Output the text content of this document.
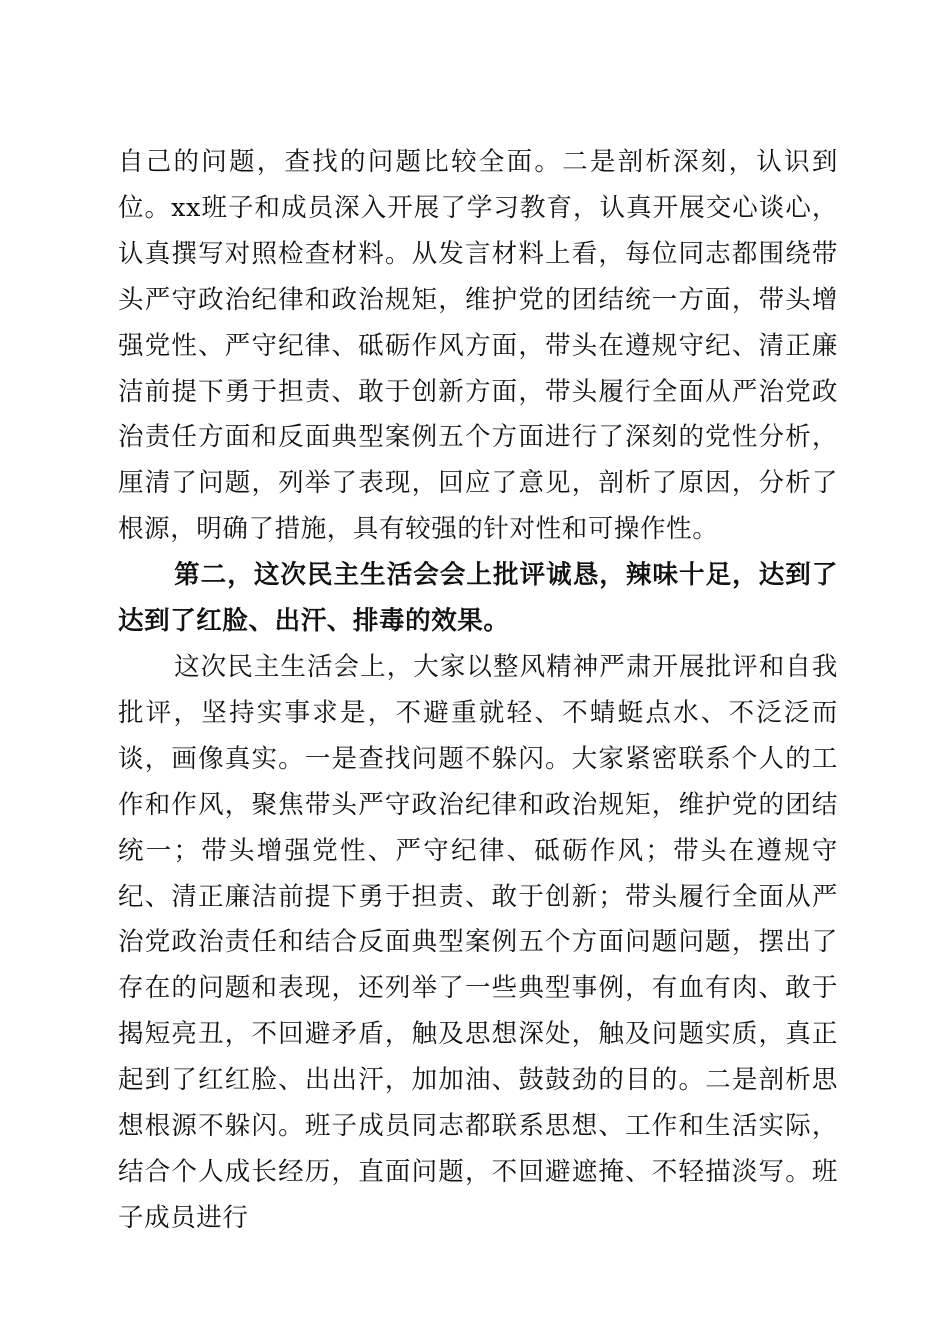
自己的问题，查找的问题比较全面。二是剖析深刻，认识到位。xx班子和成员深入开展了学习教育，认真开展交心谈心，认真撰写对照检查材料。从发言材料上看，每位同志都围绕带头严守政治纪律和政治规矩，维护党的团结统一方面，带头增强党性、严守纪律、砥砺作风方面，带头在遵规守纪、清正廉洁前提下勇于担责、敢于创新方面，带头履行全面从严治党政治责任方面和反面典型案例五个方面进行了深刻的党性分析，厘清了问题，列举了表现，回应了意见，剖析了原因，分析了根源，明确了措施，具有较强的针对性和可操作性。

第二，这次民主生活会会上批评诚恳，辣味十足，达到了达到了红脸、出汗、排毒的效果。

这次民主生活会上，大家以整风精神严肃开展批评和自我批评，坚持实事求是，不避重就轻、不蜻蜓点水、不泛泛而谈，画像真实。一是查找问题不躲闪。大家紧密联系个人的工作和作风，聚焦带头严守政治纪律和政治规矩，维护党的团结统一；带头增强党性、严守纪律、砥砺作风；带头在遵规守纪、清正廉洁前提下勇于担责、敢于创新；带头履行全面从严治党政治责任和结合反面典型案例五个方面问题问题，摆出了存在的问题和表现，还列举了一些典型事例，有血有肉、敢于揭短亮丑，不回避矛盾，触及思想深处，触及问题实质，真正起到了红红脸、出出汗，加加油、鼓鼓劲的目的。二是剖析思想根源不躲闪。班子成员同志都联系思想、工作和生活实际，结合个人成长经历，直面问题，不回避遮掩、不轻描淡写。班子成员进行
